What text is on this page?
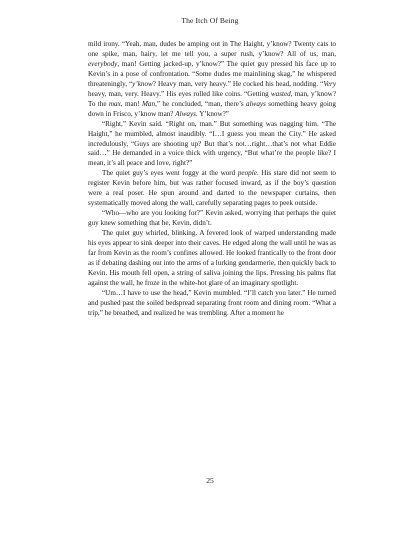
The Itch Of Being

mild irony. “Yeah, man, dudes be amping out in The Haight, y’know? Twenty cats to one spike, man, hairy, let me tell you, a super rush, y’know? All of us, man, everybody, man! Getting jacked-up, y’know?” The quiet guy pressed his face up to Kevin’s in a pose of confrontation. “Some dudes me mainlining skag,” he whispered threateningly, “y’know? Heavy man, very heavy.” He cocked his head, nodding. “Very heavy, man, very. Heavy.” His eyes rolled like coins. “Getting wasted, man, y’know? To the max, man! Man,” he concluded, “man, there’s always something heavy going down in Frisco, y’know man? Always. Y’know?”

“Right,” Kevin said. “Right on, man.” But something was nagging him. “The Haight,” he mumbled, almost inaudibly. “I…I guess you mean the City.” He asked incredulously, “Guys are shooting up? But that’s not…right…that’s not what Eddie said…” He demanded in a voice thick with urgency, “But what’re the people like? I mean, it’s all peace and love, right?”

The quiet guy’s eyes went foggy at the word people. His stare did not seem to register Kevin before him, but was rather focused inward, as if the boy’s question were a real poser. He spun around and darted to the newspaper curtains, then systematically moved along the wall, carefully separating pages to peek outside.

“Who—who are you looking for?” Kevin asked, worrying that perhaps the quiet guy knew something that he, Kevin, didn’t.

The quiet guy whirled, blinking. A fevered look of warped understanding made his eyes appear to sink deeper into their caves. He edged along the wall until he was as far from Kevin as the room’s confines allowed. He looked frantically to the front door as if debating dashing out into the arms of a lurking gendarmerie, then quickly back to Kevin. His mouth fell open, a string of saliva joining the lips. Pressing his palms flat against the wall, he froze in the white-hot glare of an imaginary spotlight.

“Um…I have to use the head,” Kevin mumbled. “I’ll catch you later.” He turned and pushed past the soiled bedspread separating front room and dining room. “What a trip,” he breathed, and realized he was trembling. After a moment he

25
